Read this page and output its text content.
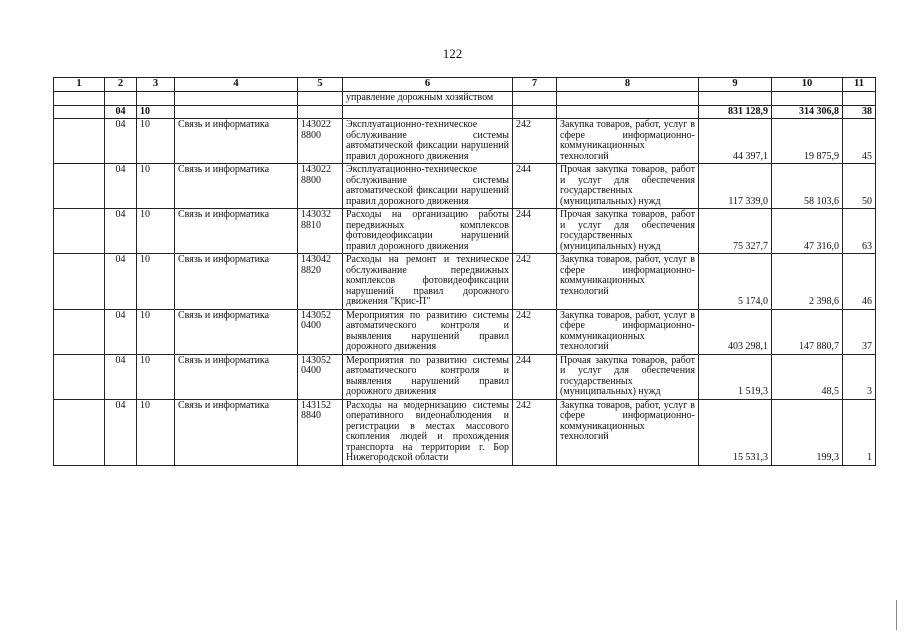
122
1	2	3	4	5	6	7	8	9	10	11
					управление дорожным хозяйством					
	04	10						831 128,9	314 306,8	38
	04	10	Связь и информатика	143022 8800	Эксплуатационно-техническое обслуживание системы автоматической фиксации нарушений правил дорожного движения	242	Закупка товаров, работ, услуг в сфере информационно-коммуникационных технологий	44 397,1	19 875,9	45
	04	10	Связь и информатика	143022 8800	Эксплуатационно-техническое обслуживание системы автоматической фиксации нарушений правил дорожного движения	244	Прочая закупка товаров, работ и услуг для обеспечения государственных (муниципальных) нужд	117 339,0	58 103,6	50
	04	10	Связь и информатика	143032 8810	Расходы на организацию работы передвижных комплексов фотовидеофиксации нарушений правил дорожного движения	244	Прочая закупка товаров, работ и услуг для обеспечения государственных (муниципальных) нужд	75 327,7	47 316,0	63
	04	10	Связь и информатика	143042 8820	Расходы на ремонт и техническое обслуживание передвижных комплексов фотовидеофиксации нарушений правил дорожного движения "Крис-П"	242	Закупка товаров, работ, услуг в сфере информационно-коммуникационных технологий	5 174,0	2 398,6	46
	04	10	Связь и информатика	143052 0400	Мероприятия по развитию системы автоматического контроля и выявления нарушений правил дорожного движения	242	Закупка товаров, работ, услуг в сфере информационно-коммуникационных технологий	403 298,1	147 880,7	37
	04	10	Связь и информатика	143052 0400	Мероприятия по развитию системы автоматического контроля и выявления нарушений правил дорожного движения	244	Прочая закупка товаров, работ и услуг для обеспечения государственных (муниципальных) нужд	1 519,3	48,5	3
	04	10	Связь и информатика	143152 8840	Расходы на модернизацию системы оперативного видеонаблюдения и регистрации в местах массового скопления людей и прохождения транспорта на территории г. Бор Нижегородской области	242	Закупка товаров, работ, услуг в сфере информационно-коммуникационных технологий	15 531,3	199,3	1
